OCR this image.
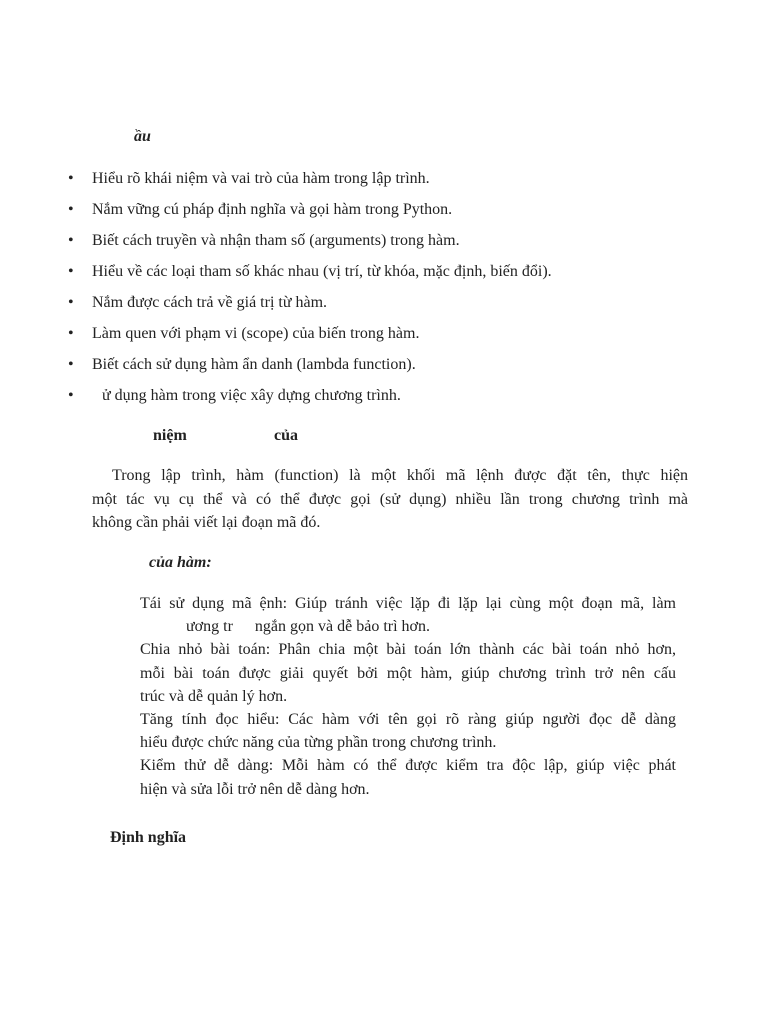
ầu
• Hiểu rõ khái niệm và vai trò của hàm trong lập trình.
• Nắm vững cú pháp định nghĩa và gọi hàm trong Python.
• Biết cách truyền và nhận tham số (arguments) trong hàm.
• Hiểu về các loại tham số khác nhau (vị trí, từ khóa, mặc định, biến đổi).
• Nắm được cách trả về giá trị từ hàm.
• Làm quen với phạm vi (scope) của biến trong hàm.
• Biết cách sử dụng hàm ẩn danh (lambda function).
• ử dụng hàm trong việc xây dựng chương trình.
niệm	của

Trong lập trình, hàm (function) là một khối mã lệnh được đặt tên, thực hiện
một tác vụ cụ thể và có thể được gọi (sử dụng) nhiều lần trong chương trình mà
không cần phải viết lại đoạn mã đó.

của hàm:
Tái sử dụng mã ệnh: Giúp tránh việc lặp đi lặp lại cùng một đoạn mã, làm
ương tr ngắn gọn và dễ bảo trì hơn.
Chia nhỏ bài toán: Phân chia một bài toán lớn thành các bài toán nhỏ hơn,
mỗi bài toán được giải quyết bởi một hàm, giúp chương trình trở nên cấu
trúc và dễ quản lý hơn.
Tăng tính đọc hiểu: Các hàm với tên gọi rõ ràng giúp người đọc dễ dàng
hiểu được chức năng của từng phần trong chương trình.
Kiểm thử dễ dàng: Mỗi hàm có thể được kiểm tra độc lập, giúp việc phát
hiện và sửa lỗi trở nên dễ dàng hơn.
Định nghĩa
